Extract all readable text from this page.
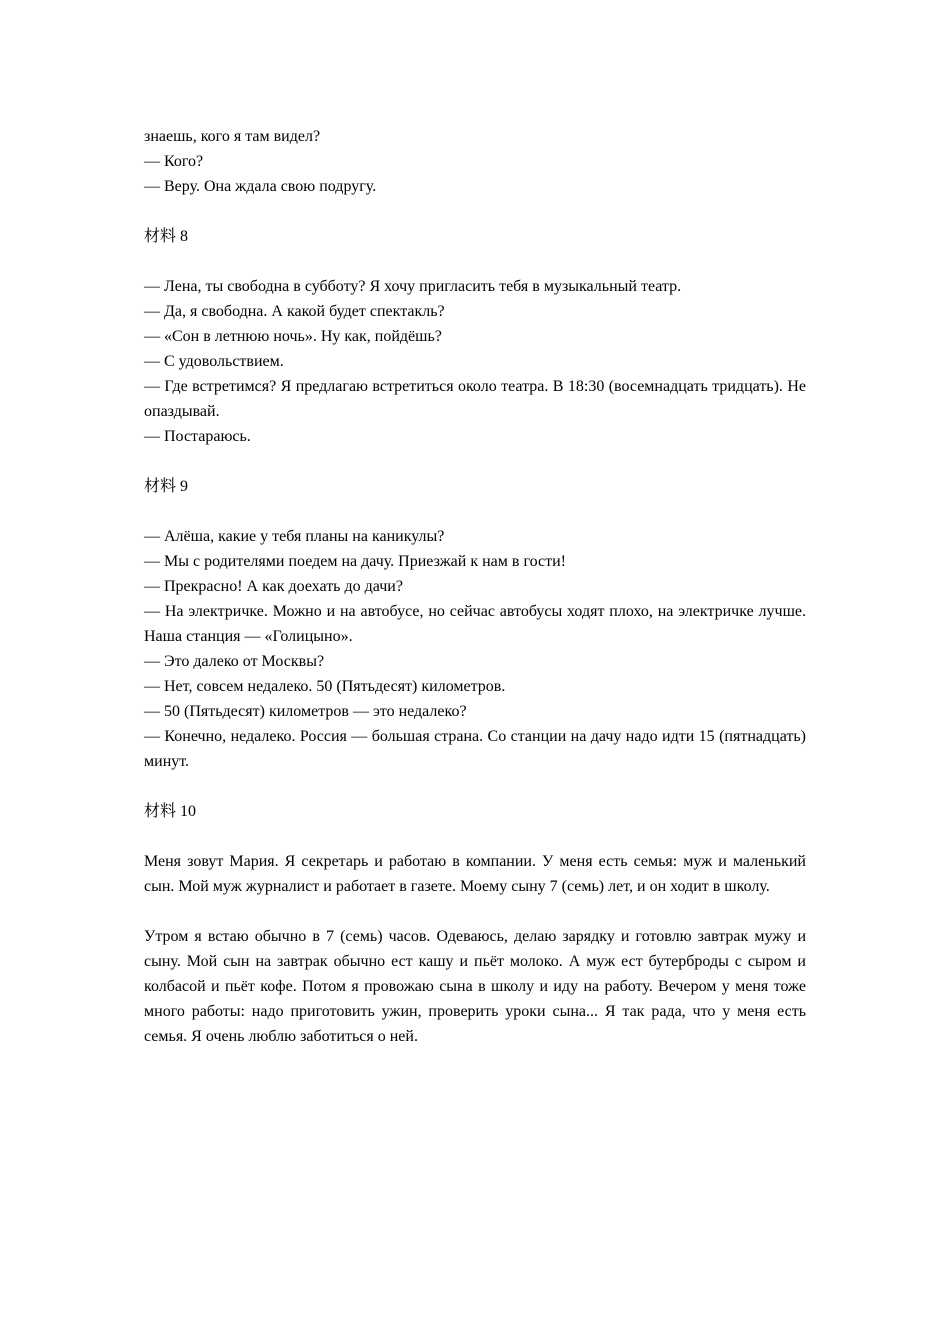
знаешь, кого я там видел?

— Кого?

— Веру. Она ждала свою подругу.

材料 8

— Лена, ты свободна в субботу? Я хочу пригласить тебя в музыкальный театр.

— Да, я свободна. А какой будет спектакль?

— «Сон в летнюю ночь». Ну как, пойдёшь?

— С удовольствием.

— Где встретимся? Я предлагаю встретиться около театра. В 18:30 (восемнадцать тридцать). Не опаздывай.

— Постараюсь.

材料 9

— Алёша, какие у тебя планы на каникулы?

— Мы с родителями поедем на дачу. Приезжай к нам в гости!

— Прекрасно! А как доехать до дачи?

— На электричке. Можно и на автобусе, но сейчас автобусы ходят плохо, на электричке лучше. Наша станция — «Голицыно».

— Это далеко от Москвы?

— Нет, совсем недалеко. 50 (Пятьдесят) километров.

— 50 (Пятьдесят) километров — это недалеко?

— Конечно, недалеко. Россия — большая страна. Со станции на дачу надо идти 15 (пятнадцать) минут.

材料 10

Меня зовут Мария. Я секретарь и работаю в компании. У меня есть семья: муж и маленький сын. Мой муж журналист и работает в газете. Моему сыну 7 (семь) лет, и он ходит в школу.

Утром я встаю обычно в 7 (семь) часов. Одеваюсь, делаю зарядку и готовлю завтрак мужу и сыну. Мой сын на завтрак обычно ест кашу и пьёт молоко. А муж ест бутерброды с сыром и колбасой и пьёт кофе. Потом я провожаю сына в школу и иду на работу. Вечером у меня тоже много работы: надо приготовить ужин, проверить уроки сына... Я так рада, что у меня есть семья. Я очень люблю заботиться о ней.
